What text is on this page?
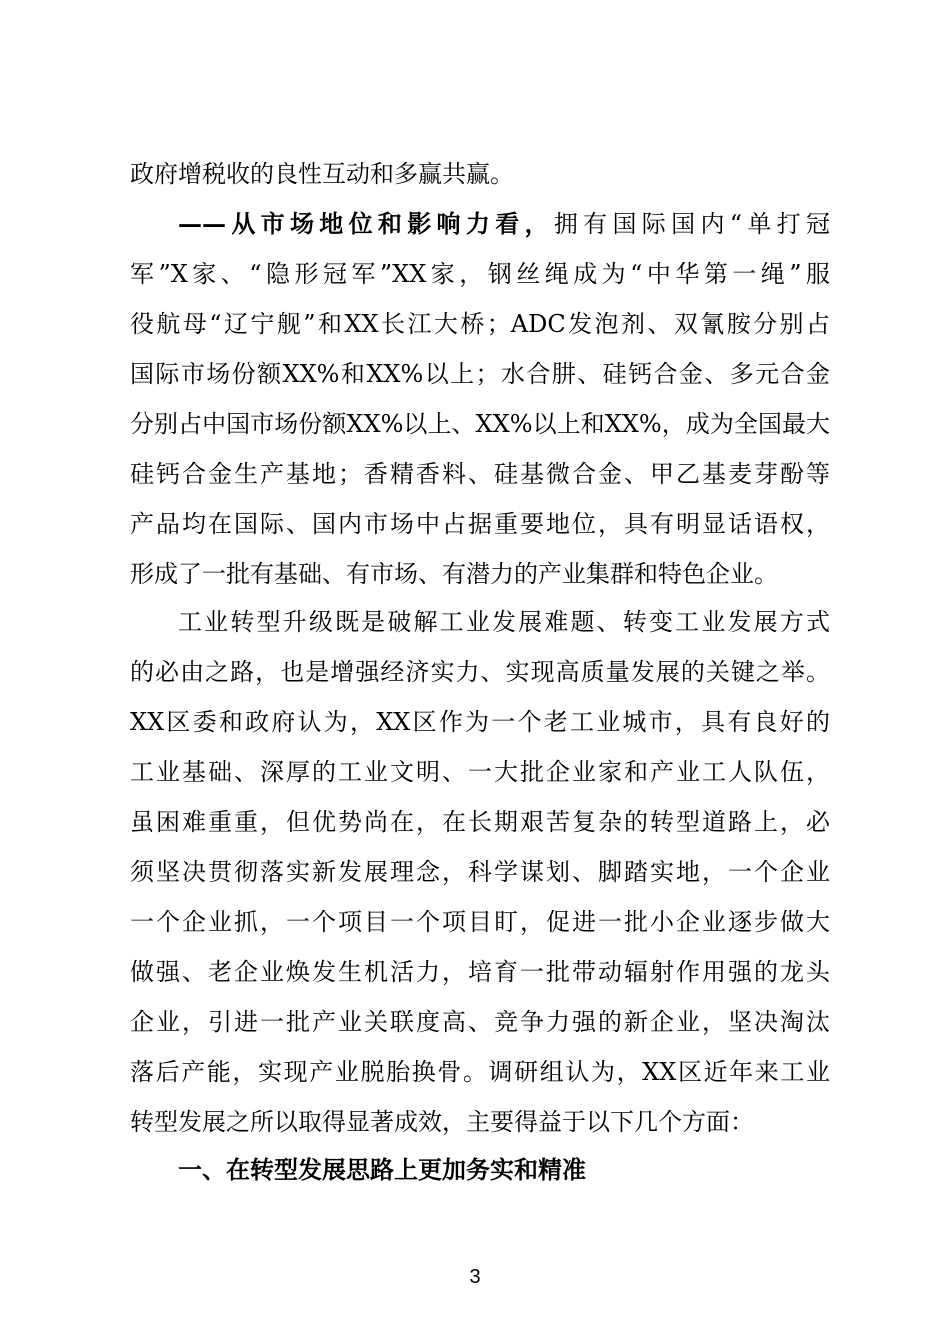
政府增税收的良性互动和多赢共赢。
——从市场地位和影响力看，拥有国际国内“单打冠
军”X家、“隐形冠军”XX家，钢丝绳成为“中华第一绳”服
役航母“辽宁舰”和XX长江大桥；ADC发泡剂、双氰胺分别占
国际市场份额XX%和XX%以上；水合肼、硅钙合金、多元合金
分别占中国市场份额XX%以上、XX%以上和XX%，成为全国最大
硅钙合金生产基地；香精香料、硅基微合金、甲乙基麦芽酚等
产品均在国际、国内市场中占据重要地位，具有明显话语权，
形成了一批有基础、有市场、有潜力的产业集群和特色企业。
工业转型升级既是破解工业发展难题、转变工业发展方式
的必由之路，也是增强经济实力、实现高质量发展的关键之举。
XX区委和政府认为，XX区作为一个老工业城市，具有良好的
工业基础、深厚的工业文明、一大批企业家和产业工人队伍，
虽困难重重，但优势尚在，在长期艰苦复杂的转型道路上，必
须坚决贯彻落实新发展理念，科学谋划、脚踏实地，一个企业
一个企业抓，一个项目一个项目盯，促进一批小企业逐步做大
做强、老企业焕发生机活力，培育一批带动辐射作用强的龙头
企业，引进一批产业关联度高、竞争力强的新企业，坚决淘汰
落后产能，实现产业脱胎换骨。调研组认为，XX区近年来工业
转型发展之所以取得显著成效，主要得益于以下几个方面：
一、在转型发展思路上更加务实和精准
3
